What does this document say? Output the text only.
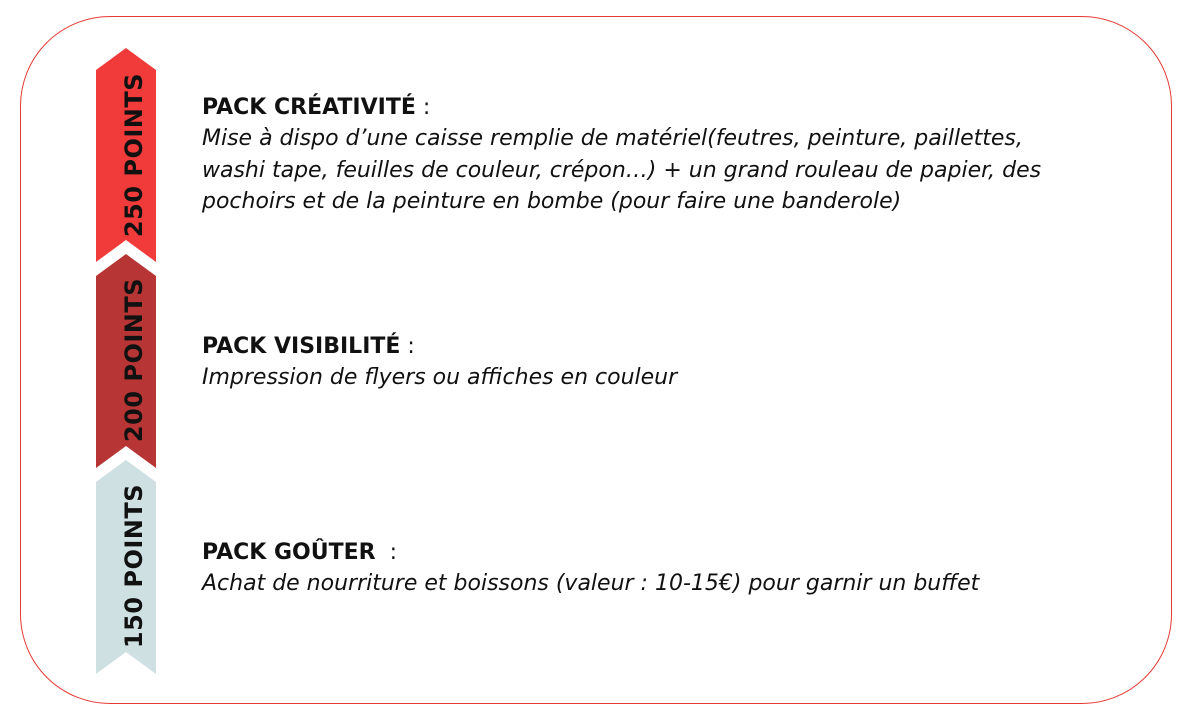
250 POINTS
200 POINTS
150 POINTS

PACK CRÉATIVITÉ :

Mise à dispo d’une caisse remplie de matériel(feutres, peinture, paillettes,
washi tape, feuilles de couleur, crépon…) + un grand rouleau de papier, des
pochoirs et de la peinture en bombe (pour faire une banderole)

PACK VISIBILITÉ :

Impression de flyers ou affiches en couleur

PACK GOÛTER  :

Achat de nourriture et boissons (valeur : 10-15€) pour garnir un buffet
